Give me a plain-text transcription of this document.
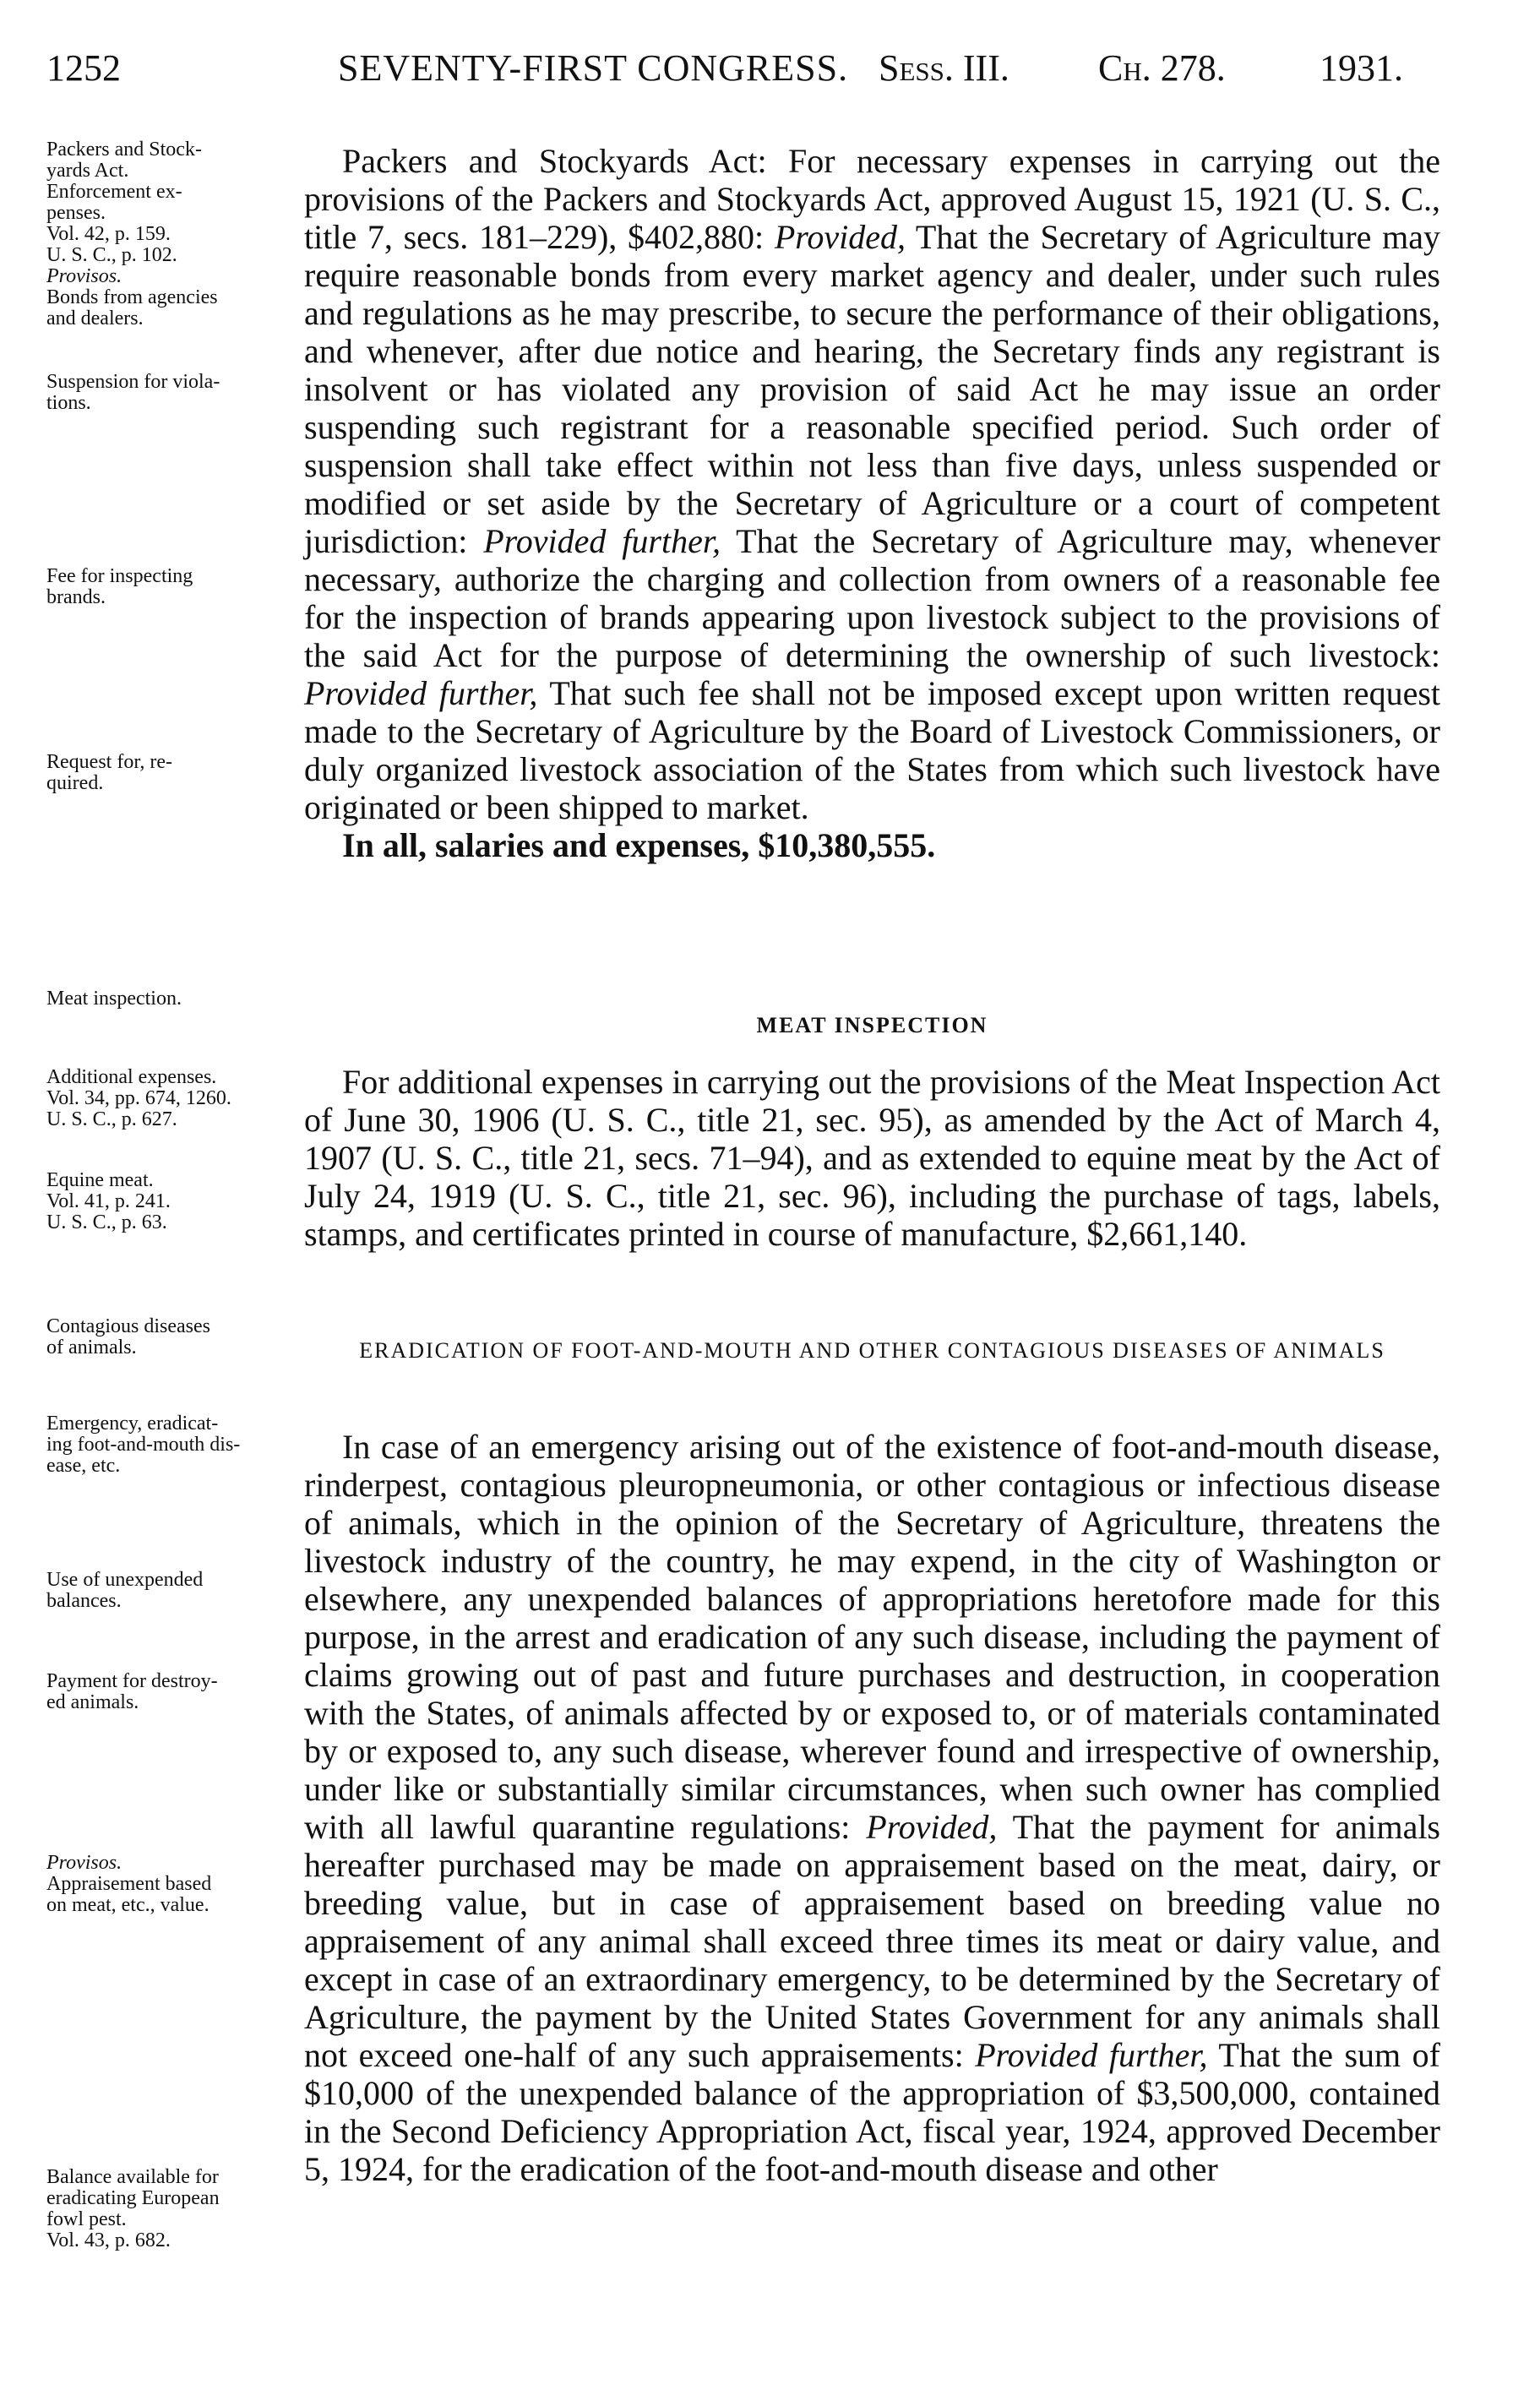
1252	SEVENTY-FIRST CONGRESS. Sess. III. Ch. 278.	1931.
Packers and Stock-
yards Act.
Enforcement ex-
penses.
Vol. 42, p. 159.
U. S. C., p. 102.
Provisos.
Bonds from agencies
and dealers.
Suspension for viola-
tions.
Fee for inspecting
brands.
Request for, re-
quired.
Meat inspection.
Additional expenses.
Vol. 34, pp. 674, 1260.
U. S. C., p. 627.
Equine meat.
Vol. 41, p. 241.
U. S. C., p. 63.
Contagious diseases
of animals.
Emergency, eradicat-
ing foot-and-mouth dis-
ease, etc.
Use of unexpended
balances.
Payment for destroy-
ed animals.
Provisos.
Appraisement based
on meat, etc., value.
Balance available for
eradicating European
fowl pest.
Vol. 43, p. 682.

Packers and Stockyards Act: For necessary expenses in carrying out the provisions of the Packers and Stockyards Act, approved August 15, 1921 (U. S. C., title 7, secs. 181–229), $402,880: Provided, That the Secretary of Agriculture may require reasonable bonds from every market agency and dealer, under such rules and regulations as he may prescribe, to secure the performance of their obligations, and whenever, after due notice and hearing, the Secretary finds any registrant is insolvent or has violated any provision of said Act he may issue an order suspending such registrant for a reasonable specified period. Such order of suspension shall take effect within not less than five days, unless suspended or modified or set aside by the Secretary of Agriculture or a court of competent jurisdiction: Provided further, That the Secretary of Agriculture may, whenever necessary, authorize the charging and collection from owners of a reasonable fee for the inspection of brands appearing upon livestock subject to the provisions of the said Act for the purpose of determining the ownership of such livestock: Provided further, That such fee shall not be imposed except upon written request made to the Secretary of Agriculture by the Board of Livestock Commissioners, or duly organized livestock association of the States from which such livestock have originated or been shipped to market.

In all, salaries and expenses, $10,380,555.

MEAT INSPECTION

For additional expenses in carrying out the provisions of the Meat Inspection Act of June 30, 1906 (U. S. C., title 21, sec. 95), as amended by the Act of March 4, 1907 (U. S. C., title 21, secs. 71–94), and as extended to equine meat by the Act of July 24, 1919 (U. S. C., title 21, sec. 96), including the purchase of tags, labels, stamps, and certificates printed in course of manufacture, $2,661,140.

ERADICATION OF FOOT-AND-MOUTH AND OTHER CONTAGIOUS DISEASES OF ANIMALS

In case of an emergency arising out of the existence of foot-and-mouth disease, rinderpest, contagious pleuropneumonia, or other contagious or infectious disease of animals, which in the opinion of the Secretary of Agriculture, threatens the livestock industry of the country, he may expend, in the city of Washington or elsewhere, any unexpended balances of appropriations heretofore made for this purpose, in the arrest and eradication of any such disease, including the payment of claims growing out of past and future purchases and destruction, in cooperation with the States, of animals affected by or exposed to, or of materials contaminated by or exposed to, any such disease, wherever found and irrespective of ownership, under like or substantially similar circumstances, when such owner has complied with all lawful quarantine regulations: Provided, That the payment for animals hereafter purchased may be made on appraisement based on the meat, dairy, or breeding value, but in case of appraisement based on breeding value no appraisement of any animal shall exceed three times its meat or dairy value, and except in case of an extraordinary emergency, to be determined by the Secretary of Agriculture, the payment by the United States Government for any animals shall not exceed one-half of any such appraisements: Provided further, That the sum of $10,000 of the unexpended balance of the appropriation of $3,500,000, contained in the Second Deficiency Appropriation Act, fiscal year, 1924, approved December 5, 1924, for the eradication of the foot-and-mouth disease and other
